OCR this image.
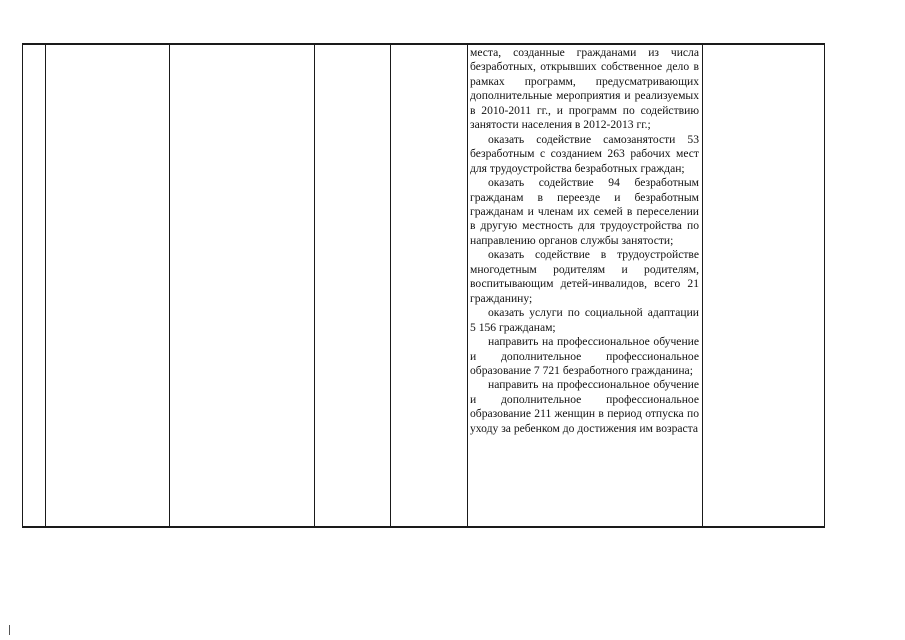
места, созданные гражданами из числа безработных, открывших собственное дело в рамках программ, предусматривающих дополнительные мероприятия и реализуемых в 2010-2011 гг., и программ по содействию занятости населения в 2012-2013 гг.;

оказать содействие самозанятости 53 безработным с созданием 263 рабочих мест для трудоустройства безработных граждан;

оказать содействие 94 безработным гражданам в переезде и безработным гражданам и членам их семей в переселении в другую местность для трудоустройства по направлению органов службы занятости;

оказать содействие в трудоустройстве многодетным родителям и родителям, воспитывающим детей-инвалидов, всего 21 гражданину;

оказать услуги по социальной адаптации 5 156 гражданам;

направить на профессиональное обучение и дополнительное профессиональное образование 7 721 безработного гражданина;

направить на профессиональное обучение и дополнительное профессиональное образование 211 женщин в период отпуска по уходу за ребенком до достижения им возраста
